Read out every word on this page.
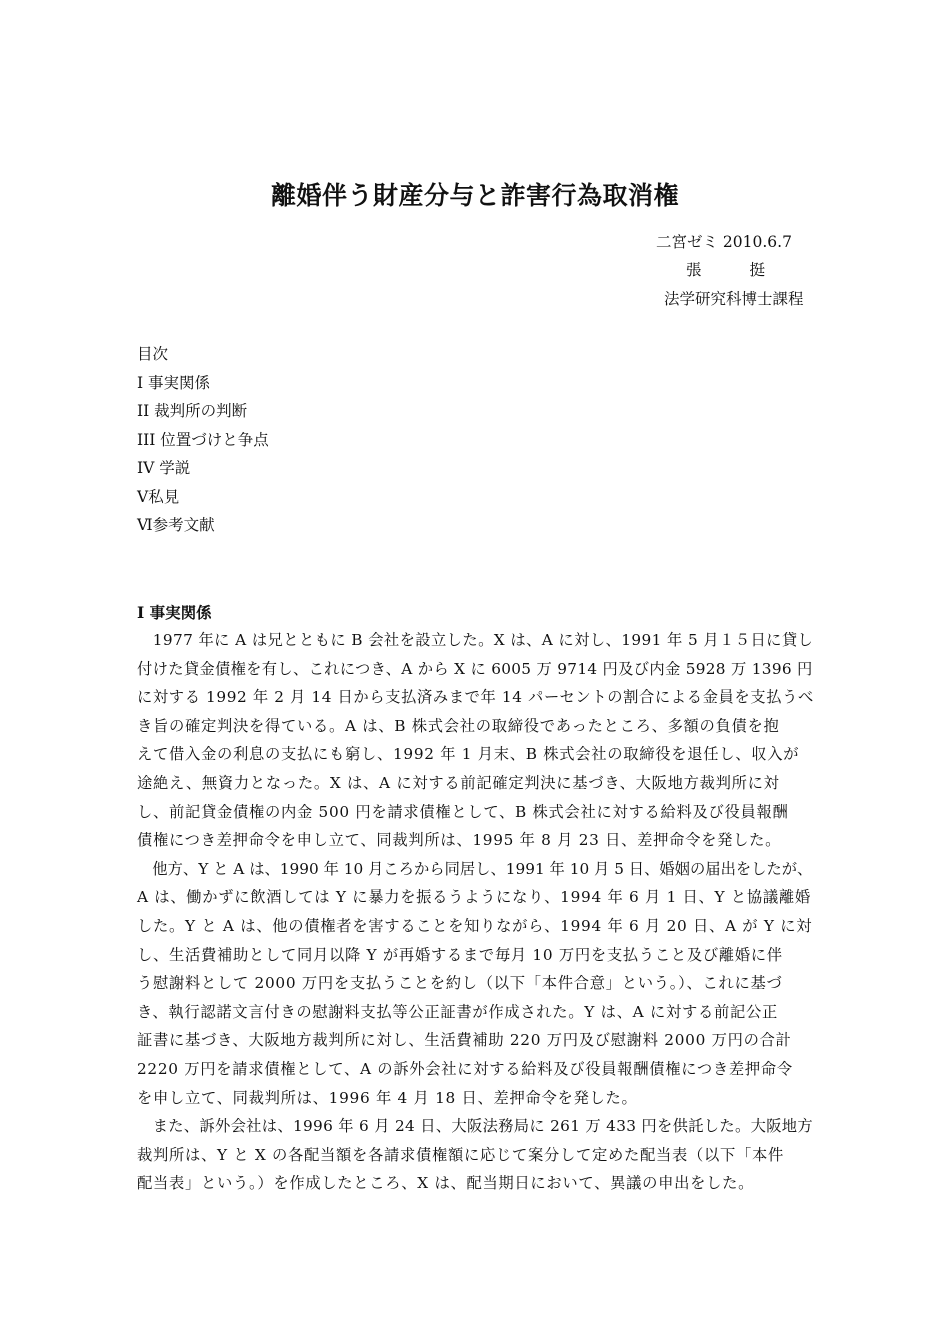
離婚伴う財産分与と詐害行為取消権

二宮ゼミ 2010.6.7

張挺

法学研究科博士課程

目次

I 事実関係
II 裁判所の判断
III 位置づけと争点
IV 学説
Ⅴ私見
Ⅵ参考文献
I 事実関係

　1977 年に A は兄とともに B 会社を設立した。X は、A に対し、1991 年 5 月１５日に貸し
付けた貸金債権を有し、これにつき、A から X に 6005 万 9714 円及び内金 5928 万 1396 円
に対する 1992 年 2 月 14 日から支払済みまで年 14 パーセントの割合による金員を支払うべ
き旨の確定判決を得ている。A は、B 株式会社の取締役であったところ、多額の負債を抱
えて借入金の利息の支払にも窮し、1992 年 1 月末、B 株式会社の取締役を退任し、収入が
途絶え、無資力となった。X は、A に対する前記確定判決に基づき、大阪地方裁判所に対
し、前記貸金債権の内金 500 円を請求債権として、B 株式会社に対する給料及び役員報酬
債権につき差押命令を申し立て、同裁判所は、1995 年 8 月 23 日、差押命令を発した。

　他方、Y と A は、1990 年 10 月ころから同居し、1991 年 10 月 5 日、婚姻の届出をしたが、
A は、働かずに飲酒しては Y に暴力を振るうようになり、1994 年 6 月 1 日、Y と協議離婚
した。Y と A は、他の債権者を害することを知りながら、1994 年 6 月 20 日、A が Y に対
し、生活費補助として同月以降 Y が再婚するまで毎月 10 万円を支払うこと及び離婚に伴
う慰謝料として 2000 万円を支払うことを約し（以下「本件合意」という。）、これに基づ
き、執行認諾文言付きの慰謝料支払等公正証書が作成された。Y は、A に対する前記公正
証書に基づき、大阪地方裁判所に対し、生活費補助 220 万円及び慰謝料 2000 万円の合計
2220 万円を請求債権として、A の訴外会社に対する給料及び役員報酬債権につき差押命令
を申し立て、同裁判所は、1996 年 4 月 18 日、差押命令を発した。

　また、訴外会社は、1996 年 6 月 24 日、大阪法務局に 261 万 433 円を供託した。大阪地方
裁判所は、Y と X の各配当額を各請求債権額に応じて案分して定めた配当表（以下「本件
配当表」という。）を作成したところ、X は、配当期日において、異議の申出をした。
